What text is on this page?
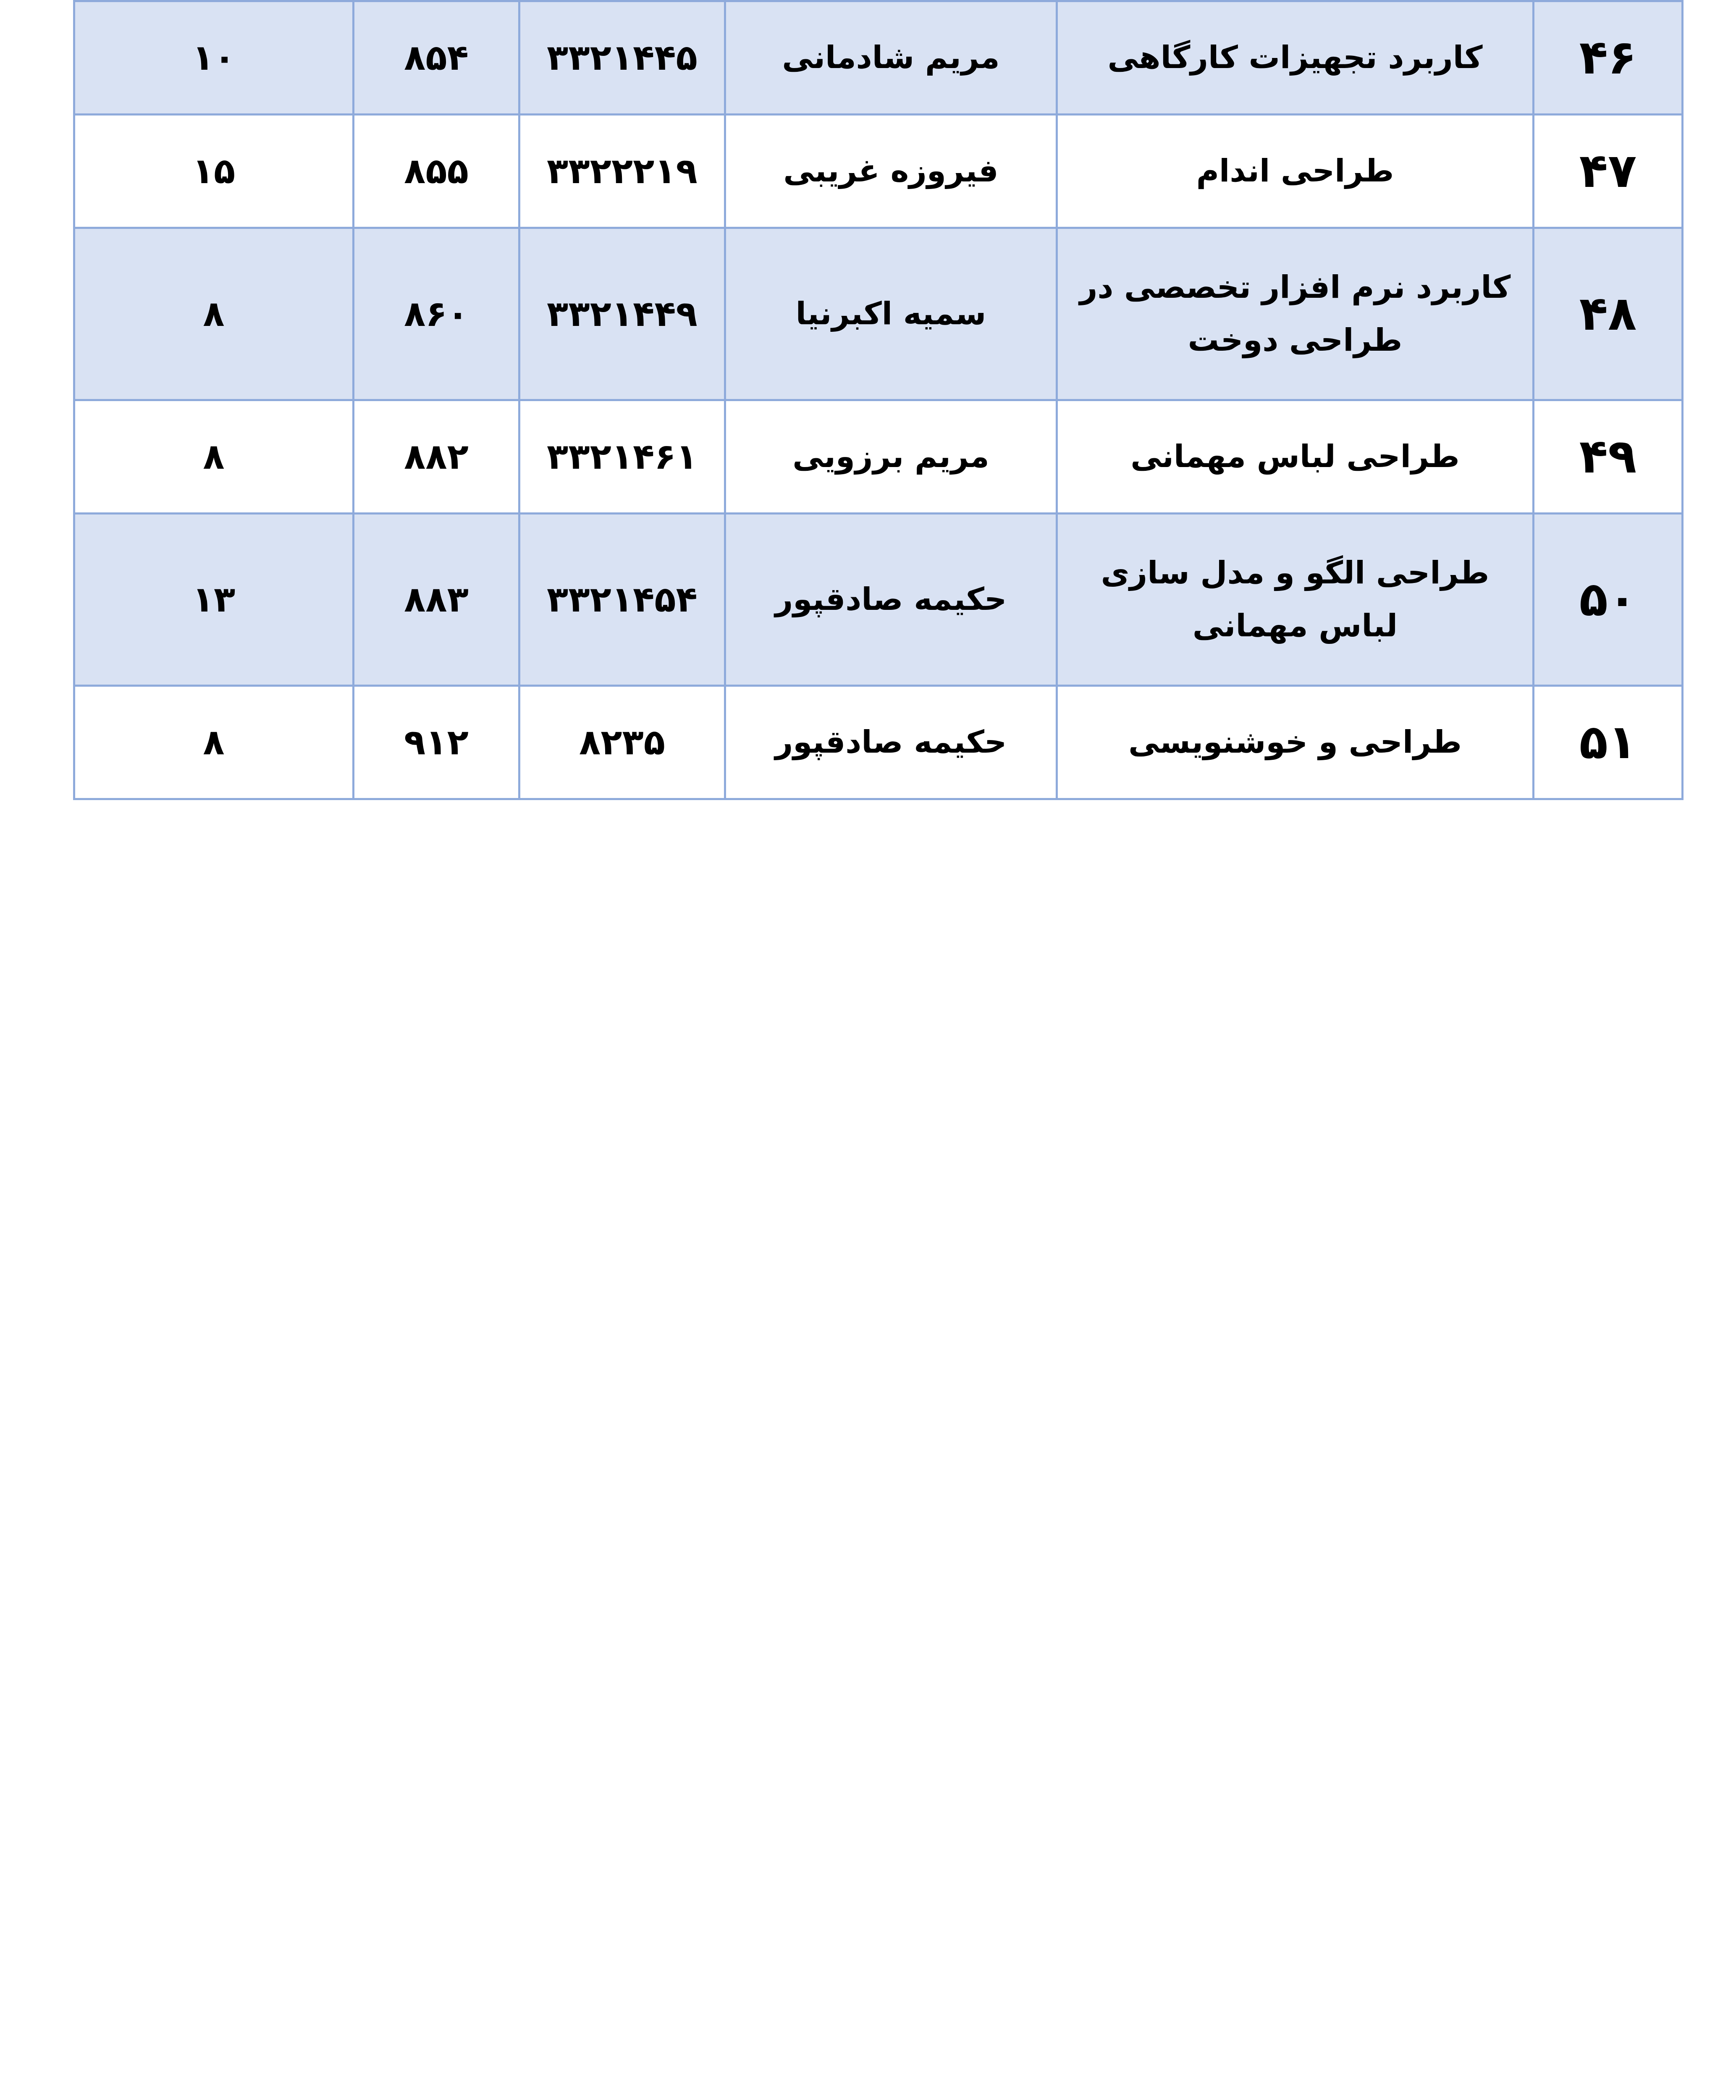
۴۶	کاربرد تجهیزات کارگاهی	مریم شادمانی	۳۳۲۱۴۴۵	۸۵۴	۱۰
۴۷	طراحی اندام	فیروزه غریبی	۳۳۲۲۲۱۹	۸۵۵	۱۵
۴۸	کاربرد نرم افزار تخصصی در طراحی دوخت	سمیه اکبرنیا	۳۳۲۱۴۴۹	۸۶۰	۸
۴۹	طراحی لباس مهمانی	مریم برزویی	۳۳۲۱۴۶۱	۸۸۲	۸
۵۰	طراحی الگو و مدل سازی لباس مهمانی	حکیمه صادقپور	۳۳۲۱۴۵۴	۸۸۳	۱۳
۵۱	طراحی و خوشنویسی	حکیمه صادقپور	۸۲۳۵	۹۱۲	۸
